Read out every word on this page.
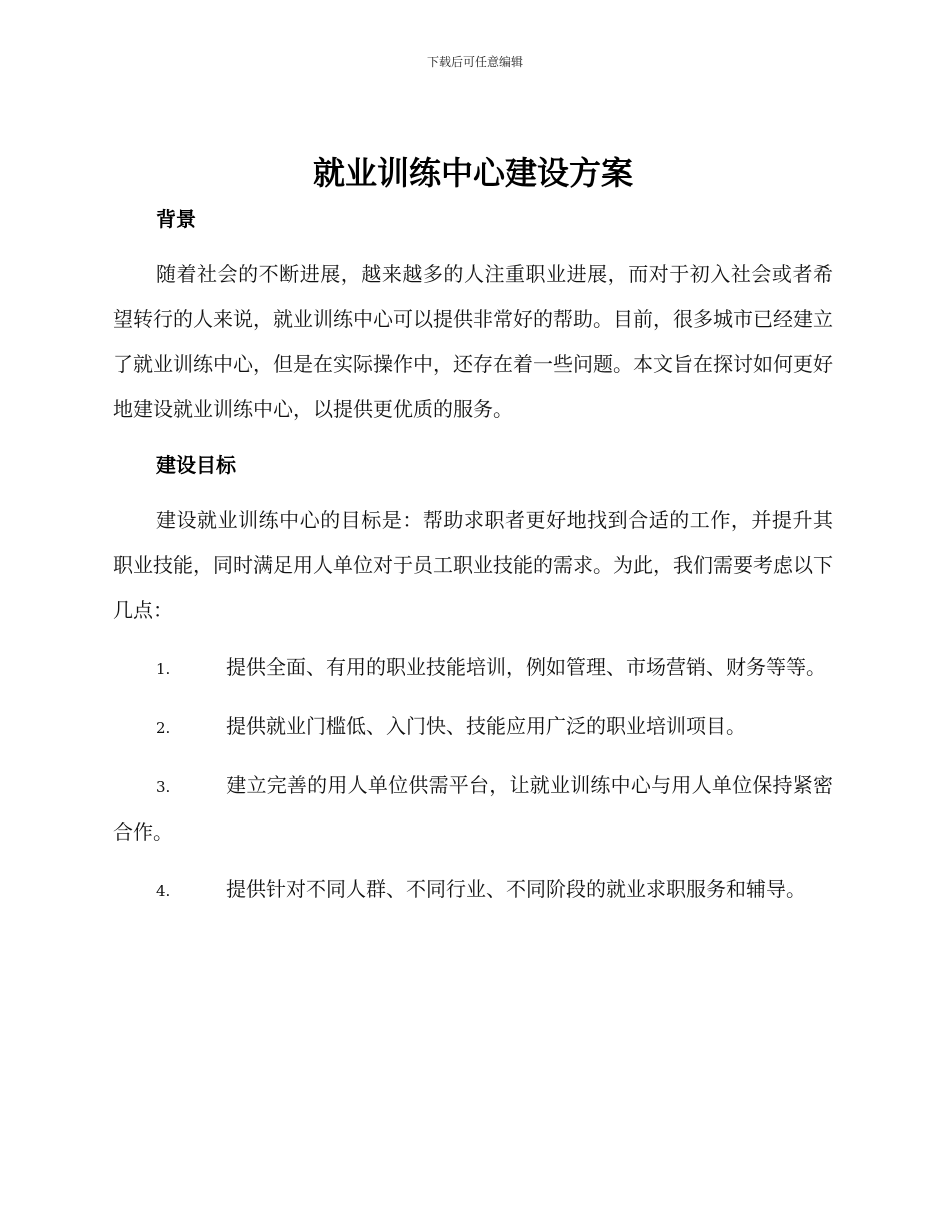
下载后可任意编辑
就业训练中心建设方案
背景

随着社会的不断进展，越来越多的人注重职业进展，而对于初入社会或者希望转行的人来说，就业训练中心可以提供非常好的帮助。目前，很多城市已经建立了就业训练中心，但是在实际操作中，还存在着一些问题。本文旨在探讨如何更好地建设就业训练中心，以提供更优质的服务。

建设目标

建设就业训练中心的目标是：帮助求职者更好地找到合适的工作，并提升其职业技能，同时满足用人单位对于员工职业技能的需求。为此，我们需要考虑以下几点：

1.	提供全面、有用的职业技能培训，例如管理、市场营销、财务等等。
2.	提供就业门槛低、入门快、技能应用广泛的职业培训项目。
3.	建立完善的用人单位供需平台，让就业训练中心与用人单位保持紧密合作。
4.	提供针对不同人群、不同行业、不同阶段的就业求职服务和辅导。
